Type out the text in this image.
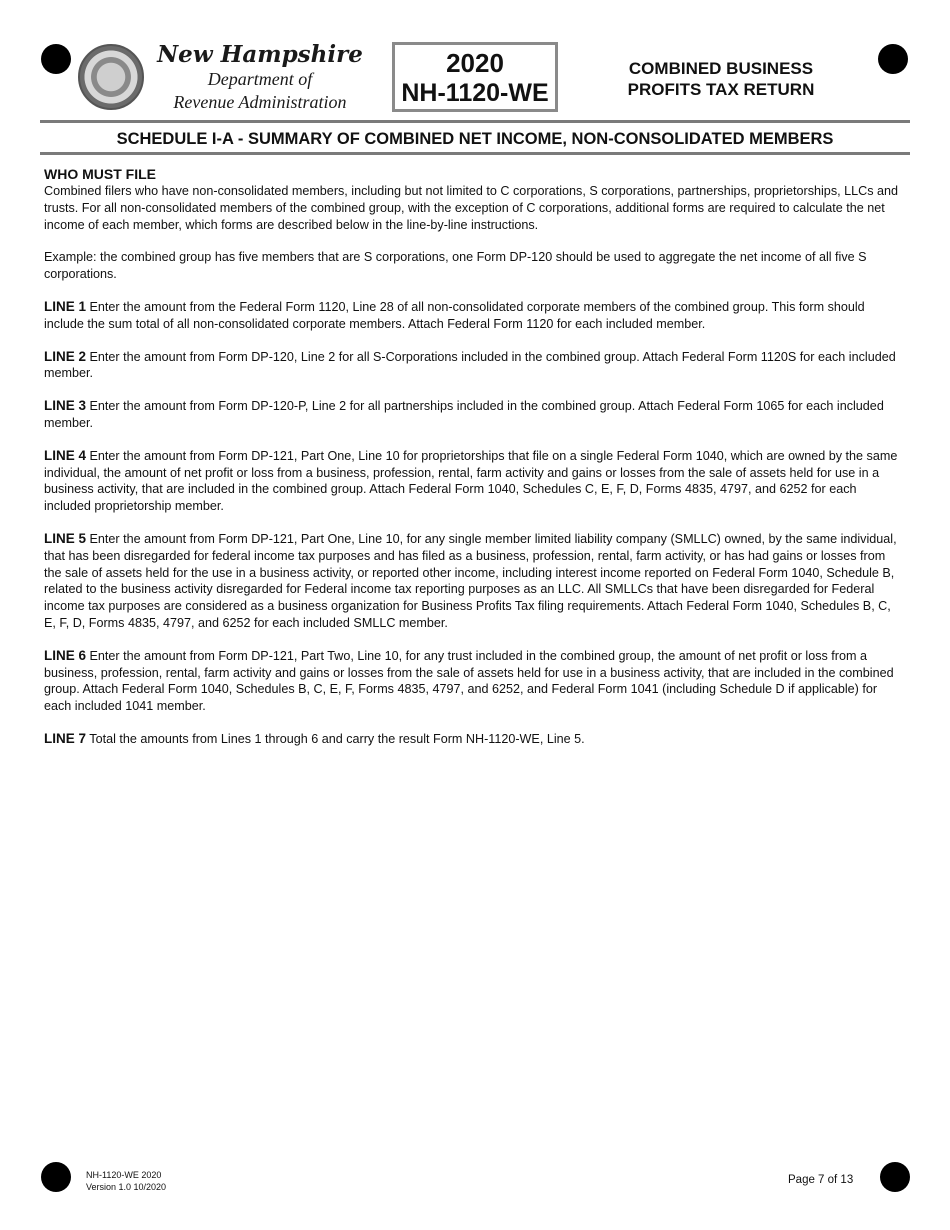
New Hampshire
Department of
Revenue Administration
2020
NH-1120-WE
COMBINED BUSINESS
PROFITS TAX RETURN
SCHEDULE I-A - SUMMARY OF COMBINED NET INCOME, NON-CONSOLIDATED MEMBERS
WHO MUST FILE

Combined filers who have non-consolidated members, including but not limited to C corporations, S corporations, partnerships, proprietorships, LLCs and trusts. For all non-consolidated members of the combined group, with the exception of C corporations, additional forms are required to calculate the net income of each member, which forms are described below in the line-by-line instructions.

Example: the combined group has five members that are S corporations, one Form DP-120 should be used to aggregate the net income of all five S corporations.

LINE 1 Enter the amount from the Federal Form 1120, Line 28 of all non-consolidated corporate members of the combined group. This form should include the sum total of all non-consolidated corporate members. Attach Federal Form 1120 for each included member.

LINE 2 Enter the amount from Form DP-120, Line 2 for all S-Corporations included in the combined group. Attach Federal Form 1120S for each included member.

LINE 3 Enter the amount from Form DP-120-P, Line 2 for all partnerships included in the combined group. Attach Federal Form 1065 for each included member.

LINE 4 Enter the amount from Form DP-121, Part One, Line 10 for proprietorships that file on a single Federal Form 1040, which are owned by the same individual, the amount of net profit or loss from a business, profession, rental, farm activity and gains or losses from the sale of assets held for use in a business activity, that are included in the combined group. Attach Federal Form 1040, Schedules C, E, F, D, Forms 4835, 4797, and 6252 for each included proprietorship member.

LINE 5 Enter the amount from Form DP-121, Part One, Line 10, for any single member limited liability company (SMLLC) owned, by the same individual, that has been disregarded for federal income tax purposes and has filed as a business, profession, rental, farm activity, or has had gains or losses from the sale of assets held for the use in a business activity, or reported other income, including interest income reported on Federal Form 1040, Schedule B, related to the business activity disregarded for Federal income tax reporting purposes as an LLC. All SMLLCs that have been disregarded for Federal income tax purposes are considered as a business organization for Business Profits Tax filing requirements. Attach Federal Form 1040, Schedules B, C, E, F, D, Forms 4835, 4797, and 6252 for each included SMLLC member.

LINE 6 Enter the amount from Form DP-121, Part Two, Line 10, for any trust included in the combined group, the amount of net profit or loss from a business, profession, rental, farm activity and gains or losses from the sale of assets held for use in a business activity, that are included in the combined group. Attach Federal Form 1040, Schedules B, C, E, F, Forms 4835, 4797, and 6252, and Federal Form 1041 (including Schedule D if applicable) for each included 1041 member.

LINE 7 Total the amounts from Lines 1 through 6 and carry the result Form NH-1120-WE, Line 5.

NH-1120-WE 2020
Version 1.0 10/2020
Page 7 of 13
